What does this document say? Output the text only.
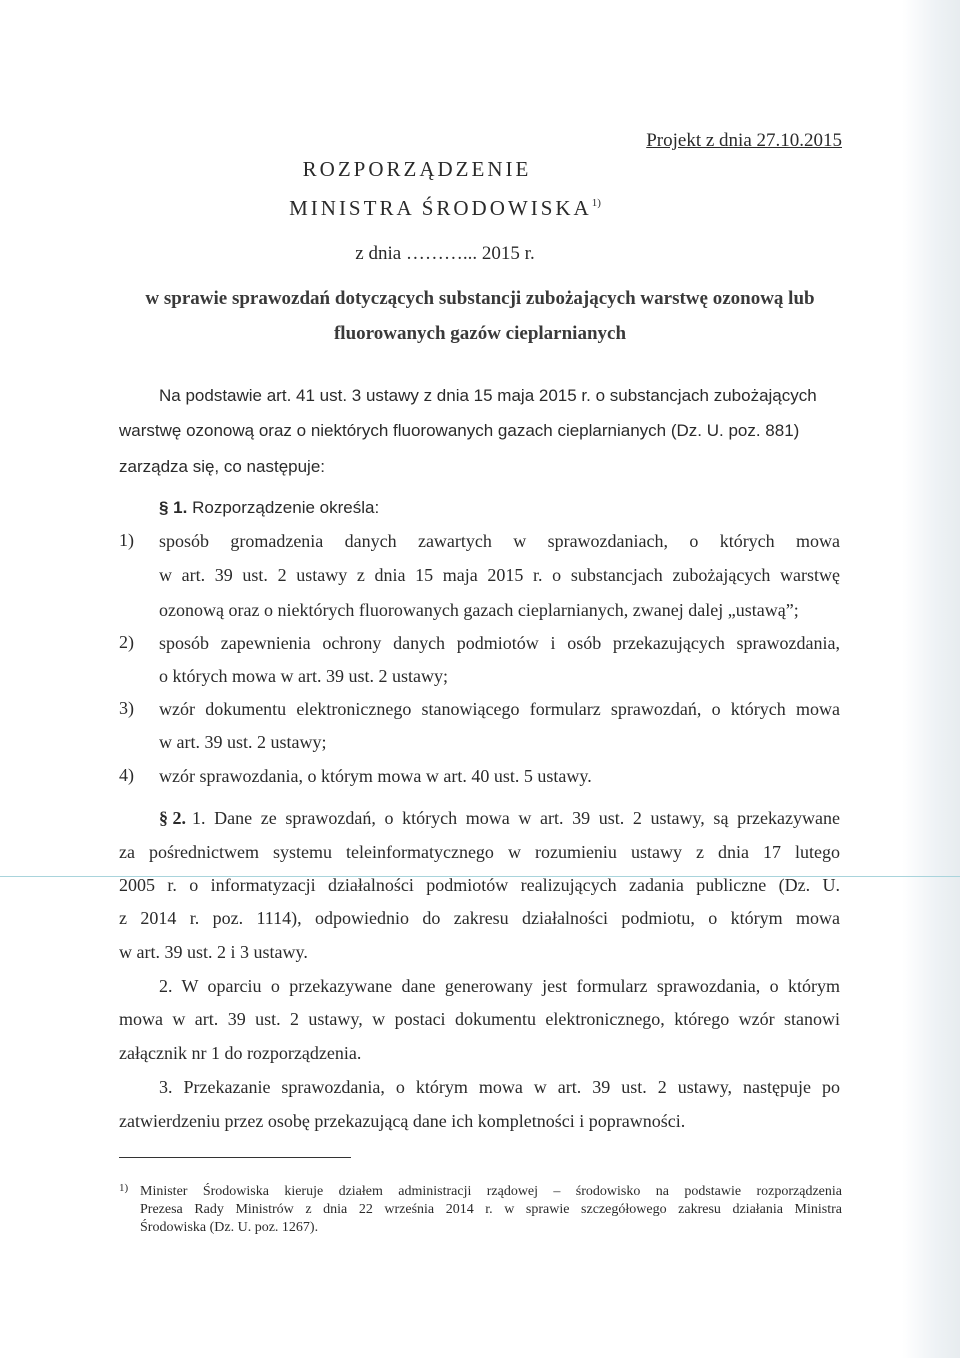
Projekt z dnia 27.10.2015
ROZPORZĄDZENIE
MINISTRA ŚRODOWISKA$^{1)}$
z dnia ………... 2015 r.
w sprawie sprawozdań dotyczących substancji zubożających warstwę ozonową lub
fluorowanych gazów cieplarnianych
Na podstawie art. 41 ust. 3 ustawy z dnia 15 maja 2015 r. o substancjach zubożających
warstwę ozonową oraz o niektórych fluorowanych gazach cieplarnianych (Dz. U. poz. 881)
zarządza się, co następuje:
§ 1. Rozporządzenie określa:
1) sposób gromadzenia danych zawartych w sprawozdaniach, o których mowa
w art. 39 ust. 2 ustawy z dnia 15 maja 2015 r. o substancjach zubożających warstwę
ozonową oraz o niektórych fluorowanych gazach cieplarnianych, zwanej dalej „ustawą”;
2) sposób zapewnienia ochrony danych podmiotów i osób przekazujących sprawozdania,
o których mowa w art. 39 ust. 2 ustawy;
3) wzór dokumentu elektronicznego stanowiącego formularz sprawozdań, o których mowa
w art. 39 ust. 2 ustawy;
4) wzór sprawozdania, o którym mowa w art. 40 ust. 5 ustawy.
§ 2. 1. Dane ze sprawozdań, o których mowa w art. 39 ust. 2 ustawy, są przekazywane
za pośrednictwem systemu teleinformatycznego w rozumieniu ustawy z dnia 17 lutego
2005 r. o informatyzacji działalności podmiotów realizujących zadania publiczne (Dz. U.
z 2014 r. poz. 1114), odpowiednio do zakresu działalności podmiotu, o którym mowa
w art. 39 ust. 2 i 3 ustawy.
2. W oparciu o przekazywane dane generowany jest formularz sprawozdania, o którym
mowa w art. 39 ust. 2 ustawy, w postaci dokumentu elektronicznego, którego wzór stanowi
załącznik nr 1 do rozporządzenia.
3. Przekazanie sprawozdania, o którym mowa w art. 39 ust. 2 ustawy, następuje po
zatwierdzeniu przez osobę przekazującą dane ich kompletności i poprawności.
1) Minister Środowiska kieruje działem administracji rządowej – środowisko na podstawie rozporządzenia
Prezesa Rady Ministrów z dnia 22 września 2014 r. w sprawie szczegółowego zakresu działania Ministra
Środowiska (Dz. U. poz. 1267).
